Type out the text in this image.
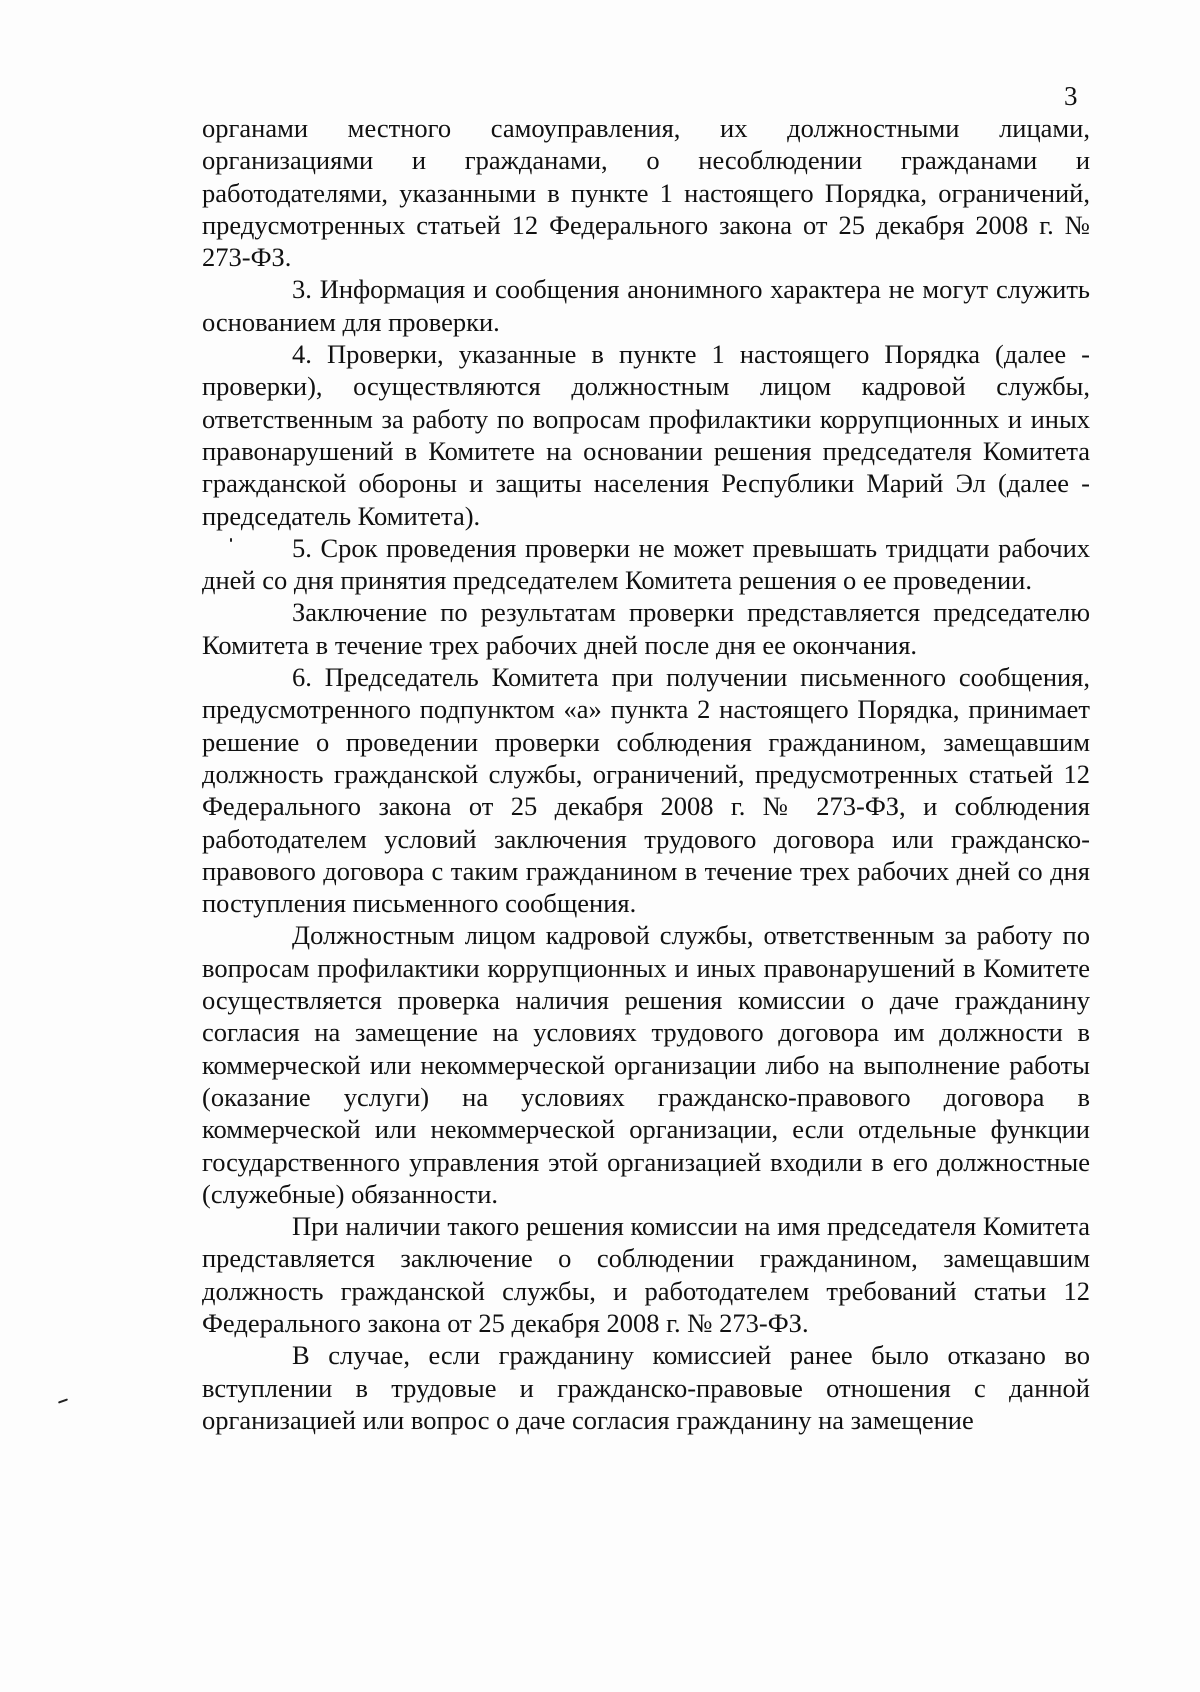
3

органами местного самоуправления, их должностными лицами, организациями и гражданами, о несоблюдении гражданами и работодателями, указанными в пункте 1 настоящего Порядка, ограничений, предусмотренных статьей 12 Федерального закона от 25 декабря 2008 г. № 273-ФЗ.

3. Информация и сообщения анонимного характера не могут служить основанием для проверки.

4. Проверки, указанные в пункте 1 настоящего Порядка (далее - проверки), осуществляются должностным лицом кадровой службы, ответственным за работу по вопросам профилактики коррупционных и иных правонарушений в Комитете на основании решения председателя Комитета гражданской обороны и защиты населения Республики Марий Эл (далее - председатель Комитета).

5. Срок проведения проверки не может превышать тридцати рабочих дней со дня принятия председателем Комитета решения о ее проведении.

Заключение по результатам проверки представляется председателю Комитета в течение трех рабочих дней после дня ее окончания.

6. Председатель Комитета при получении письменного сообщения, предусмотренного подпунктом «а» пункта 2 настоящего Порядка, принимает решение о проведении проверки соблюдения гражданином, замещавшим должность гражданской службы, ограничений, предусмотренных статьей 12 Федерального закона от 25 декабря 2008 г. № 273-ФЗ, и соблюдения работодателем условий заключения трудового договора или гражданско-правового договора с таким гражданином в течение трех рабочих дней со дня поступления письменного сообщения.

Должностным лицом кадровой службы, ответственным за работу по вопросам профилактики коррупционных и иных правонарушений в Комитете осуществляется проверка наличия решения комиссии о даче гражданину согласия на замещение на условиях трудового договора им должности в коммерческой или некоммерческой организации либо на выполнение работы (оказание услуги) на условиях гражданско-правового договора в коммерческой или некоммерческой организации, если отдельные функции государственного управления этой организацией входили в его должностные (служебные) обязанности.

При наличии такого решения комиссии на имя председателя Комитета представляется заключение о соблюдении гражданином, замещавшим должность гражданской службы, и работодателем требований статьи 12 Федерального закона от 25 декабря 2008 г. № 273-ФЗ.

В случае, если гражданину комиссией ранее было отказано во вступлении в трудовые и гражданско-правовые отношения с данной организацией или вопрос о даче согласия гражданину на замещение
